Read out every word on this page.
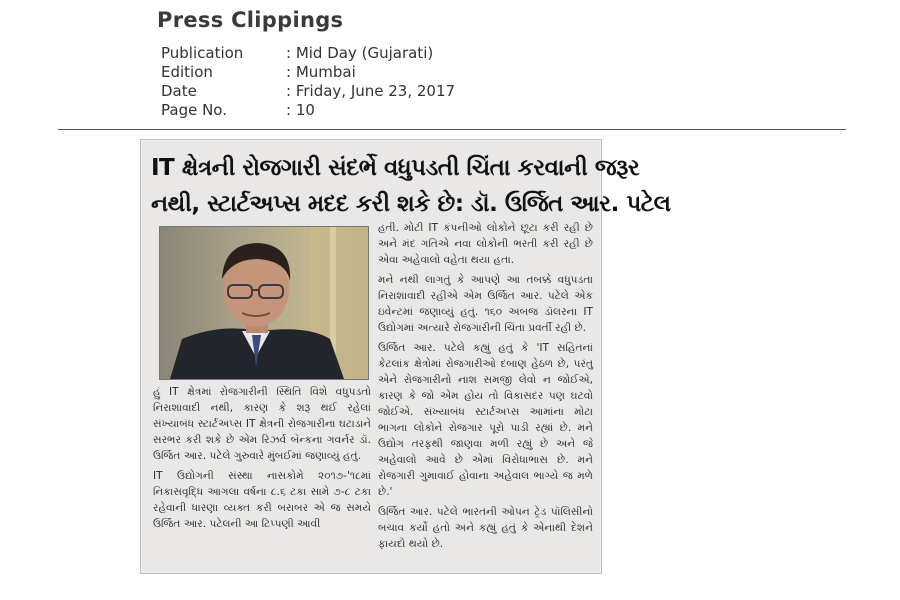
Press Clippings
Publication	: Mid Day (Gujarati)
Edition	: Mumbai
Date	: Friday, June 23, 2017
Page No.	: 10
IT ક્ષેત્રની રોજગારી સંદર્ભે વધુપડતી ચિંતા કરવાની જરૂર
નથી, સ્ટાર્ટઅપ્સ મદદ કરી શકે છે: ડૉ. ઉર્જિત આર. પટેલ

હતી. મોટી IT કંપનીઓ લોકોને છૂટા કરી રહી છે અને મંદ ગતિએ નવા લોકોની ભરતી કરી રહી છે એવા અહેવાલો વહેતા થયા હતા.

મને નથી લાગતું કે આપણે આ તબક્કે વધુપડતા નિરાશાવાદી રહીએ એમ ઉર્જિત આર. પટેલે એક ઇવેન્ટમાં જણાવ્યું હતું. ૧૬૦ અબજ ડૉલરના IT ઉદ્યોગમાં અત્યારે રોજગારીની ચિંતા પ્રવર્તી રહી છે.

ઉર્જિત આર. પટેલે કહ્યું હતું કે 'IT સહિતનાં કેટલાંક ક્ષેત્રોમાં રોજગારીઓ દબાણ હેઠળ છે, પરંતુ એને રોજગારીનો નાશ સમજી લેવો ન જોઈએ, કારણ કે જો એમ હોય તો વિકાસદર પણ ઘટવો જોઈએ. સંખ્યાબંધ સ્ટાર્ટઅપ્સ આમાંના મોટા ભાગના લોકોને રોજગાર પૂરો પાડી રહ્યાં છે. મને ઉદ્યોગ તરફથી જાણવા મળી રહ્યું છે અને જે અહેવાલો આવે છે એમાં વિરોધાભાસ છે. મને રોજગારી ગુમાવાઈ હોવાના અહેવાલ ભાગ્યે જ મળે છે.'

ઉર્જિત આર. પટેલે ભારતની ઓપન ટ્રેડ પૉલિસીનો બચાવ કર્યો હતો અને કહ્યું હતું કે એનાથી દેશને ફાયદો થયો છે.

હું IT ક્ષેત્રમાં રોજગારીની સ્થિતિ વિશે વધુપડતો નિરાશાવાદી નથી, કારણ કે શરૂ થઈ રહેલાં સંખ્યાબંધ સ્ટાર્ટઅપ્સ IT ક્ષેત્રની રોજગારીના ઘટાડાને સરભર કરી શકે છે એમ રિઝર્વ બૅન્કના ગવર્નર ડૉ. ઉર્જિત આર. પટેલે ગુરુવારે મુંબઈમાં જણાવ્યું હતું.

IT ઉદ્યોગની સંસ્થા નાસકોમે ૨૦૧૭-'૧૮માં નિકાસવૃદ્ધિ આગલા વર્ષના ૮.૬ ટકા સામે ૭-૮ ટકા રહેવાની ધારણા વ્યક્ત કરી બરાબર એ જ સમયે ઉર્જિત આર. પટેલની આ ટિપ્પણી આવી
